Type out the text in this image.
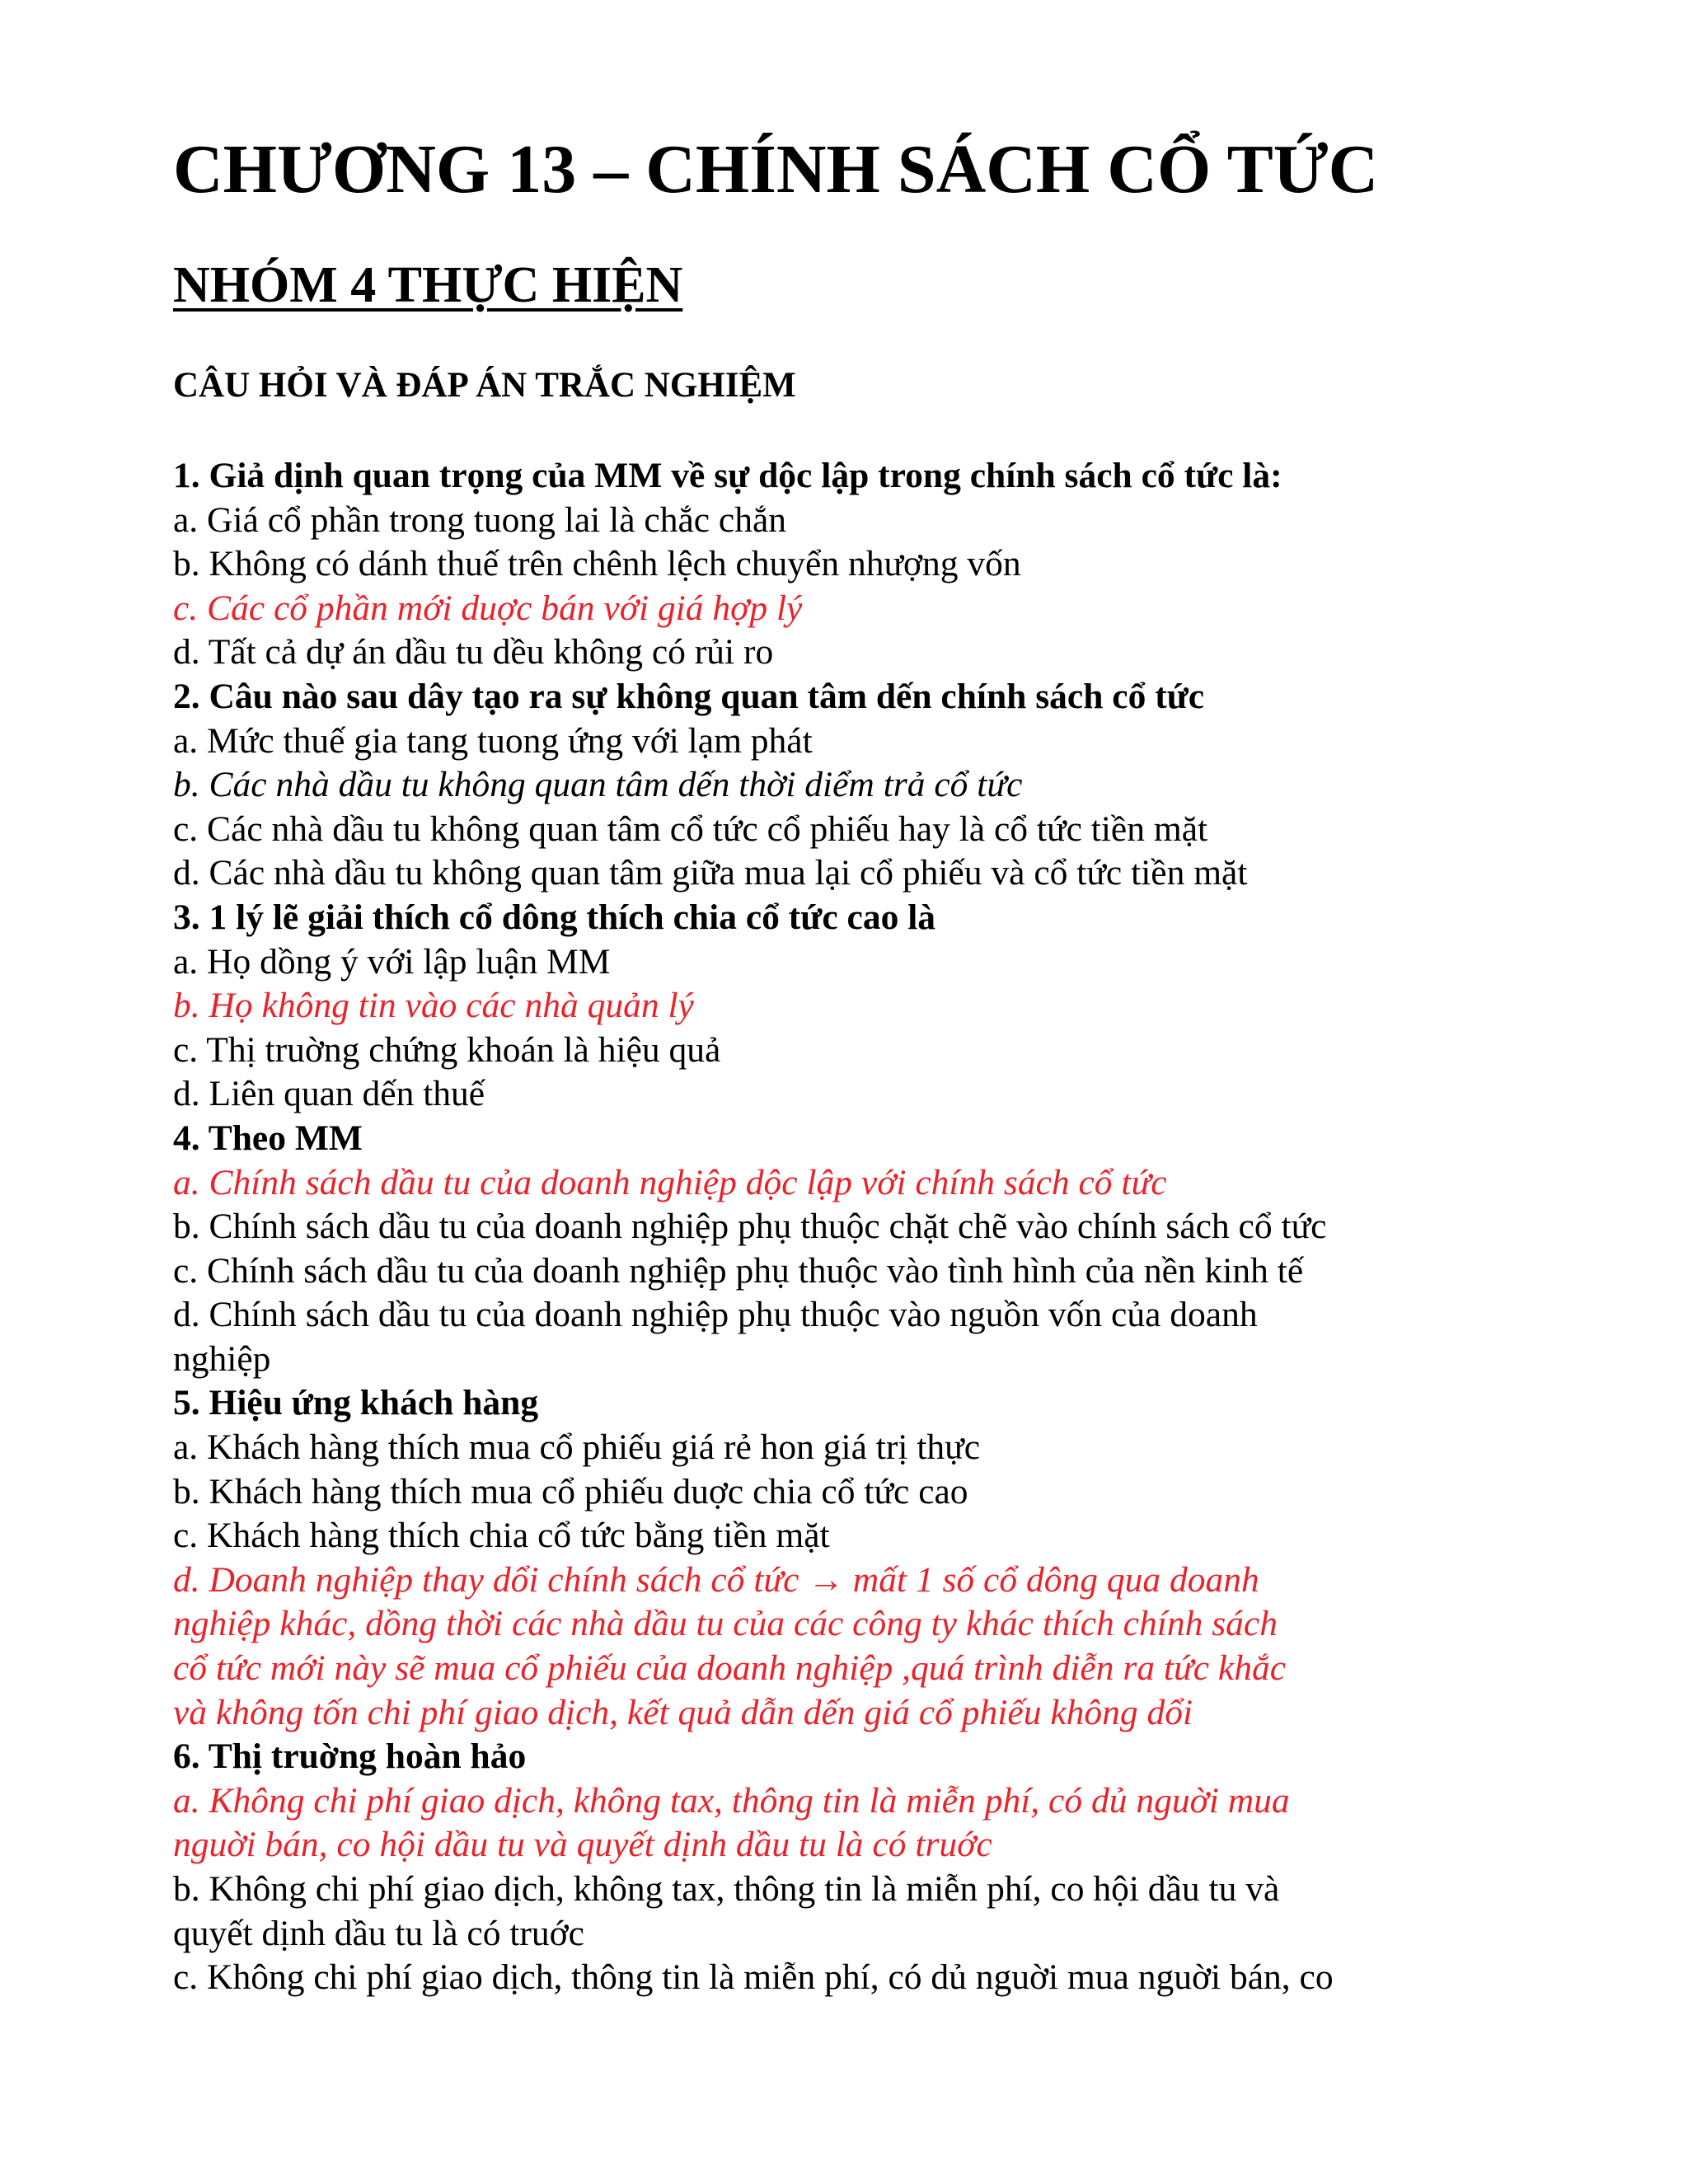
CHƯƠNG 13 – CHÍNH SÁCH CỔ TỨC
NHÓM 4 THỰC HIỆN
CÂU HỎI VÀ ĐÁP ÁN TRẮC NGHIỆM

1. Giả dịnh quan trọng của MM về sự dộc lập trong chính sách cổ tức là:

a. Giá cổ phần trong tuong lai là chắc chắn

b. Không có dánh thuế trên chênh lệch chuyển nhượng vốn

c. Các cổ phần mới duợc bán với giá hợp lý

d. Tất cả dự án dầu tu dều không có rủi ro

2. Câu nào sau dây tạo ra sự không quan tâm dến chính sách cổ tức

a. Mức thuế gia tang tuong ứng với lạm phát

b. Các nhà dầu tu không quan tâm dến thời diểm trả cổ tức

c. Các nhà dầu tu không quan tâm cổ tức cổ phiếu hay là cổ tức tiền mặt

d. Các nhà dầu tu không quan tâm giữa mua lại cổ phiếu và cổ tức tiền mặt

3. 1 lý lẽ giải thích cổ dông thích chia cổ tức cao là

a. Họ dồng ý với lập luận MM

b. Họ không tin vào các nhà quản lý

c. Thị truờng chứng khoán là hiệu quả

d. Liên quan dến thuế

4. Theo MM

a. Chính sách dầu tu của doanh nghiệp dộc lập với chính sách cổ tức

b. Chính sách dầu tu của doanh nghiệp phụ thuộc chặt chẽ vào chính sách cổ tức

c. Chính sách dầu tu của doanh nghiệp phụ thuộc vào tình hình của nền kinh tế

d. Chính sách dầu tu của doanh nghiệp phụ thuộc vào nguồn vốn của doanh

nghiệp

5. Hiệu ứng khách hàng

a. Khách hàng thích mua cổ phiếu giá rẻ hon giá trị thực

b. Khách hàng thích mua cổ phiếu duợc chia cổ tức cao

c. Khách hàng thích chia cổ tức bằng tiền mặt

d. Doanh nghiệp thay dổi chính sách cổ tức → mất 1 số cổ dông qua doanh

nghiệp khác, dồng thời các nhà dầu tu của các công ty khác thích chính sách

cổ tức mới này sẽ mua cổ phiếu của doanh nghiệp ,quá trình diễn ra tức khắc

và không tốn chi phí giao dịch, kết quả dẫn dến giá cổ phiếu không dổi

6. Thị truờng hoàn hảo

a. Không chi phí giao dịch, không tax, thông tin là miễn phí, có dủ nguời mua

nguời bán, co hội dầu tu và quyết dịnh dầu tu là có truớc

b. Không chi phí giao dịch, không tax, thông tin là miễn phí, co hội dầu tu và

quyết dịnh dầu tu là có truớc

c. Không chi phí giao dịch, thông tin là miễn phí, có dủ nguời mua nguời bán, co
